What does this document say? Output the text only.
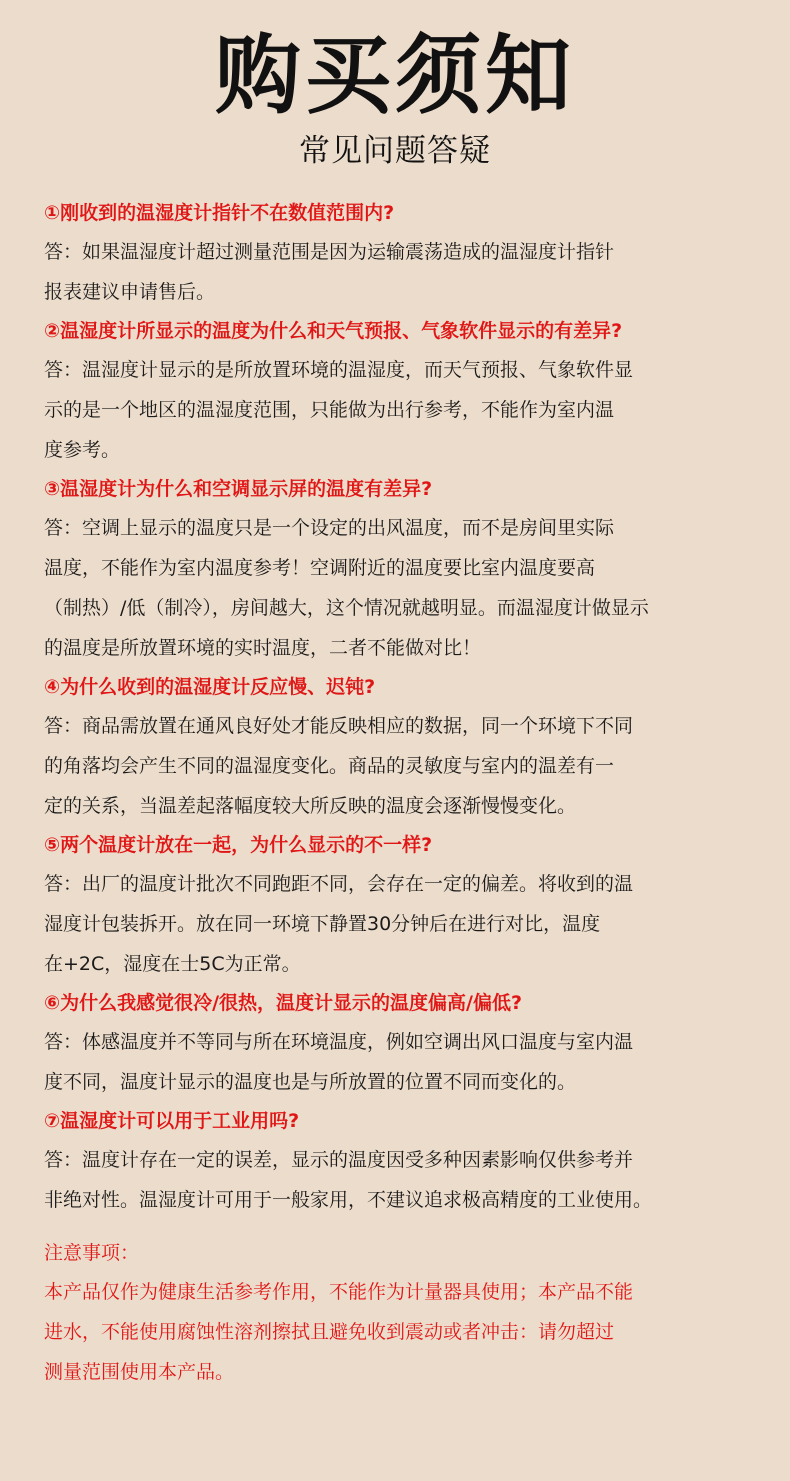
购买须知
常见问题答疑
①刚收到的温湿度计指针不在数值范围内?
答：如果温湿度计超过测量范围是因为运输震荡造成的温湿度计指针
报表建议申请售后。
②温湿度计所显示的温度为什么和天气预报、气象软件显示的有差异?
答：温湿度计显示的是所放置环境的温湿度，而天气预报、气象软件显
示的是一个地区的温湿度范围，只能做为出行参考，不能作为室内温
度参考。
③温湿度计为什么和空调显示屏的温度有差异?
答：空调上显示的温度只是一个设定的出风温度，而不是房间里实际
温度，不能作为室内温度参考！空调附近的温度要比室内温度要高
（制热）/低（制冷），房间越大，这个情况就越明显。而温湿度计做显示
的温度是所放置环境的实时温度，二者不能做对比！
④为什么收到的温湿度计反应慢、迟钝?
答：商品需放置在通风良好处才能反映相应的数据，同一个环境下不同
的角落均会产生不同的温湿度变化。商品的灵敏度与室内的温差有一
定的关系，当温差起落幅度较大所反映的温度会逐渐慢慢变化。
⑤两个温度计放在一起，为什么显示的不一样?
答：出厂的温度计批次不同跑距不同，会存在一定的偏差。将收到的温
湿度计包装拆开。放在同一环境下静置30分钟后在进行对比，温度
在+2C，湿度在士5C为正常。
⑥为什么我感觉很冷/很热，温度计显示的温度偏高/偏低?
答：体感温度并不等同与所在环境温度，例如空调出风口温度与室内温
度不同，温度计显示的温度也是与所放置的位置不同而变化的。
⑦温湿度计可以用于工业用吗?
答：温度计存在一定的误差，显示的温度因受多种因素影响仅供参考并
非绝对性。温湿度计可用于一般家用，不建议追求极高精度的工业使用。
注意事项：
本产品仅作为健康生活参考作用，不能作为计量器具使用；本产品不能
进水，不能使用腐蚀性溶剂擦拭且避免收到震动或者冲击：请勿超过
测量范围使用本产品。
